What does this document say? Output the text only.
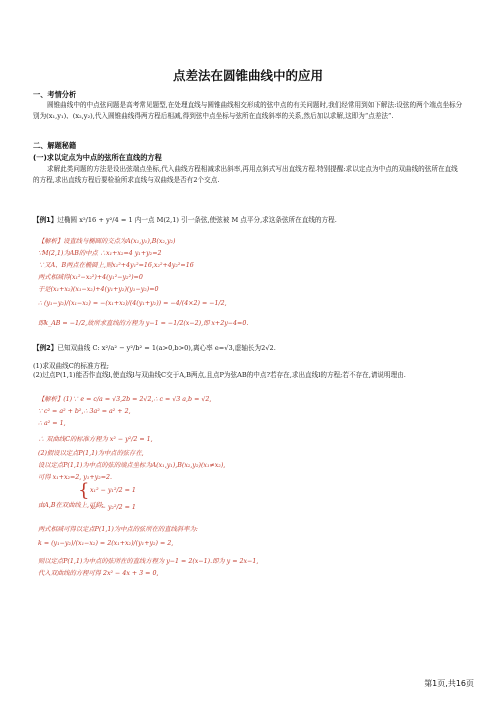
点差法在圆锥曲线中的应用
一、考情分析

圆锥曲线中的中点弦问题是高考常见题型,在处理直线与圆锥曲线相交形成的弦中点的有关问题时,我们经常用到如下解法:设弦的两个端点坐标分别为(x₁,y₁)、(x₂,y₂),代入圆锥曲线得两方程后相减,得到弦中点坐标与弦所在直线斜率的关系,然后加以求解,这即为“点差法”.

二、解题秘籍
(一)求以定点为中点的弦所在直线的方程

求解此类问题的方法是设出弦端点坐标,代入曲线方程相减求出斜率,再用点斜式写出直线方程.特别提醒:求以定点为中点的双曲线的弦所在直线的方程,求出直线方程后要检验所求直线与双曲线是否有2个交点.

【例1】过椭圆 x²/16 + y²/4 = 1 内一点 M(2,1) 引一条弦,使弦被 M 点平分,求这条弦所在直线的方程.
【解析】设直线与椭圆的交点为A(x₁,y₁),B(x₂,y₂)
∵M(2,1)为AB的中点 ∴x₁+x₂=4 y₁+y₂=2
∵又A、B两点在椭圆上,则x₁²+4y₁²=16,x₂²+4y₂²=16
两式相减得(x₁²−x₂²)+4(y₁²−y₂²)=0
于是(x₁+x₂)(x₁−x₂)+4(y₁+y₂)(y₁−y₂)=0
∴ (y₁−y₂)/(x₁−x₂) = −(x₁+x₂)/(4(y₁+y₂)) = −4/(4×2) = −1/2,
即k_AB = −1/2,故所求直线的方程为 y−1 = −1/2(x−2),即 x+2y−4=0.
【例2】已知双曲线 C: x²/a² − y²/b² = 1(a>0,b>0),离心率 e=√3,虚轴长为2√2.
(1)求双曲线C的标准方程;

(2)过点P(1,1)能否作直线l,使直线l与双曲线C交于A,B两点,且点P为弦AB的中点?若存在,求出直线l的方程;若不存在,请说明理由.

【解析】(1)∵ e = c/a = √3,2b = 2√2,∴ c = √3 a,b = √2,
∵ c² = a² + b²,∴ 3a² = a² + 2,
∴ a² = 1,
∴ 双曲线C的标准方程为 x² − y²/2 = 1,
(2)假设以定点P(1,1)为中点的弦存在,
设以定点P(1,1)为中点的弦的端点坐标为A(x₁,y₁),B(x₂,y₂)(x₁≠x₂),
可得 x₁+x₂=2, y₁+y₂=2.
由A,B在双曲线上,可得:
{ x₁² − y₁²/2 = 1
x₂² − y₂²/2 = 1
两式相减可得以定点P(1,1)为中点的弦所在的直线斜率为:
k = (y₁−y₂)/(x₁−x₂) = 2(x₁+x₂)/(y₁+y₂) = 2,
则以定点P(1,1)为中点的弦所在的直线方程为 y−1 = 2(x−1).即为 y = 2x−1,
代入双曲线的方程可得 2x² − 4x + 3 = 0,
第1页,共16页
